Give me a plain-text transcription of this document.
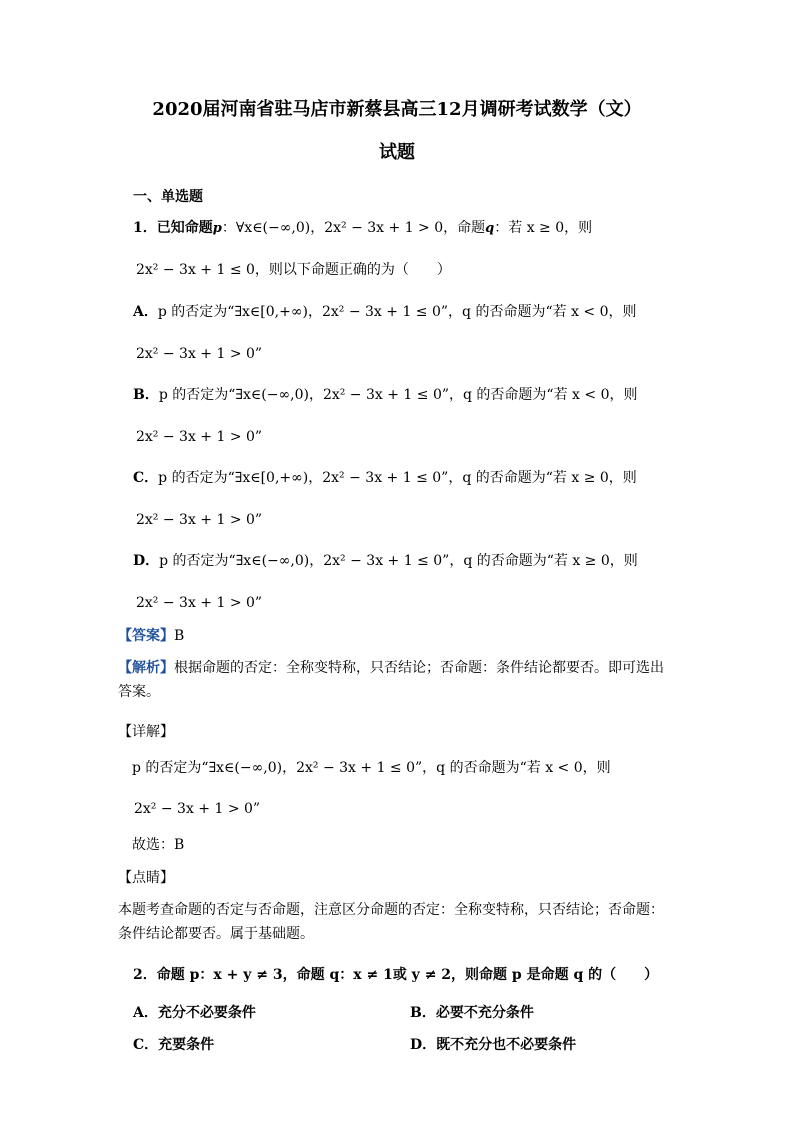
2020届河南省驻马店市新蔡县高三12月调研考试数学（文）
试题
一、单选题
1．已知命题p：∀x∈(−∞,0)，2x² − 3x + 1 > 0，命题q：若 x ≥ 0，则
2x² − 3x + 1 ≤ 0，则以下命题正确的为（　　）
A．p 的否定为“∃x∈[0,+∞)，2x² − 3x + 1 ≤ 0”，q 的否命题为“若 x < 0，则
2x² − 3x + 1 > 0”
B．p 的否定为“∃x∈(−∞,0)，2x² − 3x + 1 ≤ 0”，q 的否命题为“若 x < 0，则
2x² − 3x + 1 > 0”
C．p 的否定为“∃x∈[0,+∞)，2x² − 3x + 1 ≤ 0”，q 的否命题为“若 x ≥ 0，则
2x² − 3x + 1 > 0”
D．p 的否定为“∃x∈(−∞,0)，2x² − 3x + 1 ≤ 0”，q 的否命题为“若 x ≥ 0，则
2x² − 3x + 1 > 0”
【答案】B
【解析】根据命题的否定：全称变特称，只否结论；否命题：条件结论都要否。即可选出答案。
【详解】
p 的否定为“∃x∈(−∞,0)，2x² − 3x + 1 ≤ 0”，q 的否命题为“若 x < 0，则
2x² − 3x + 1 > 0”
故选：B
【点睛】
本题考查命题的否定与否命题，注意区分命题的否定：全称变特称，只否结论；否命题：条件结论都要否。属于基础题。
2．命题 p：x + y ≠ 3，命题 q：x ≠ 1或 y ≠ 2，则命题 p 是命题 q 的（　　）
A．充分不必要条件	B．必要不充分条件
C．充要条件	D．既不充分也不必要条件
